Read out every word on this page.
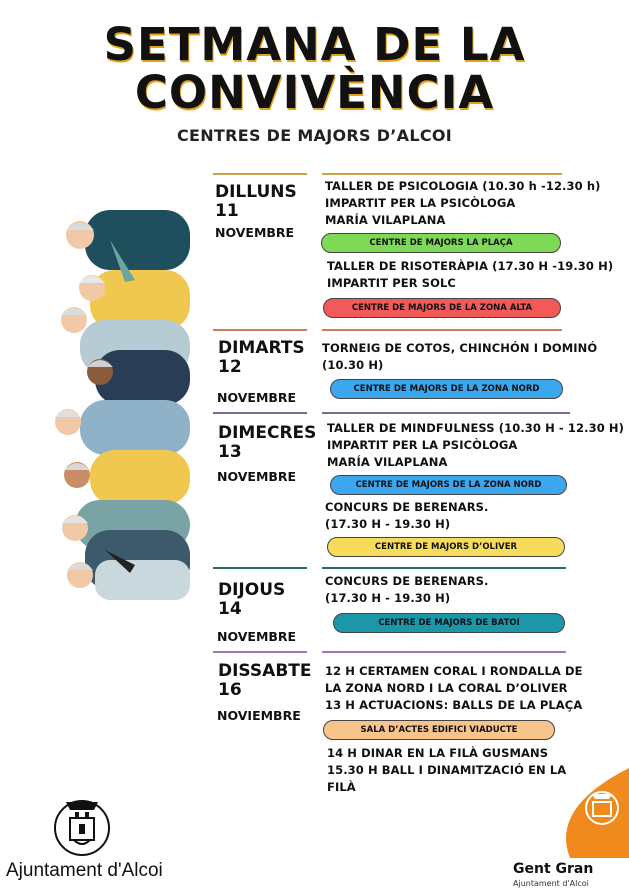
SETMANA DE LA
CONVIVÈNCIA
CENTRES DE MAJORS D’ALCOI
DILLUNS
11
NOVEMBRE
TALLER DE PSICOLOGIA (10.30 h -12.30 h)
IMPARTIT PER LA PSICÒLOGA
MARÍA VILAPLANA
CENTRE DE MAJORS LA PLAÇA
TALLER DE RISOTERÀPIA (17.30 H -19.30 H)
IMPARTIT PER SOLC
CENTRE DE MAJORS DE LA ZONA ALTA
DIMARTS
12
NOVEMBRE
TORNEIG DE COTOS, CHINCHÓN I DOMINÓ
(10.30 H)
CENTRE DE MAJORS DE LA ZONA NORD
DIMECRES
13
NOVEMBRE
TALLER DE MINDFULNESS (10.30 H - 12.30 H)
IMPARTIT PER LA PSICÒLOGA
MARÍA VILAPLANA
CENTRE DE MAJORS DE LA ZONA NORD
CONCURS DE BERENARS.
(17.30 H - 19.30 H)
CENTRE DE MAJORS D’OLIVER
DIJOUS
14
NOVEMBRE
CONCURS DE BERENARS.
(17.30 H - 19.30 H)
CENTRE DE MAJORS DE BATOI
DISSABTE
16
NOVIEMBRE
12 H CERTAMEN CORAL I RONDALLA DE
LA ZONA NORD I LA CORAL D’OLIVER
13 H ACTUACIONS: BALLS DE LA PLAÇA
SALA D’ACTES EDIFICI VIADUCTE
14 H DINAR EN LA FILÀ GUSMANS
15.30 H BALL I DINAMITZACIÓ EN LA
FILÀ
Ajuntament d'Alcoi	Gent Gran
Ajuntament d'Alcoi
